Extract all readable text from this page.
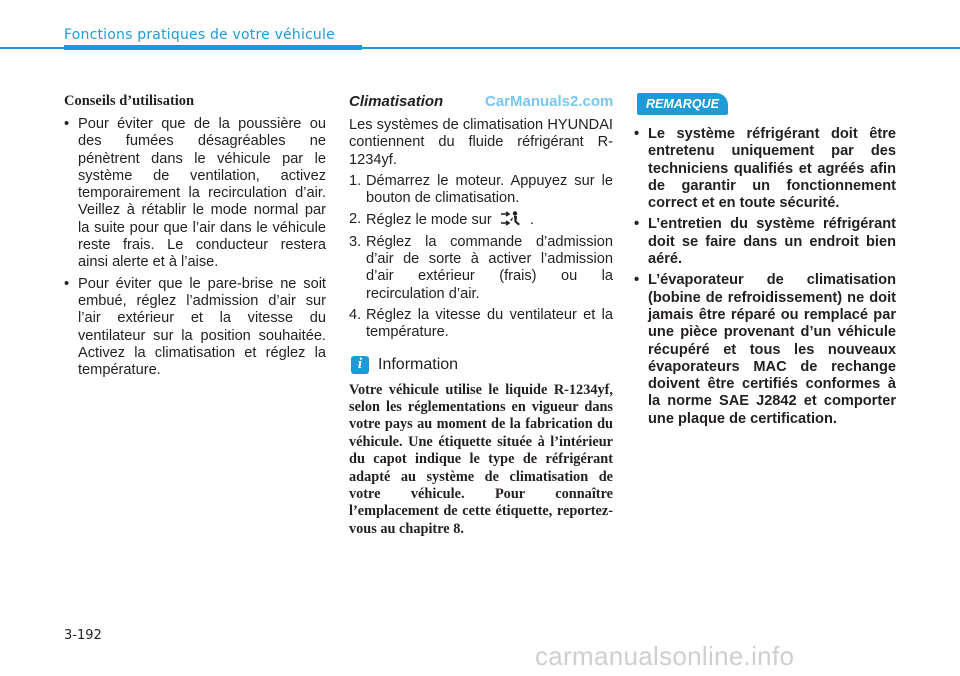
Fonctions pratiques de votre véhicule
Conseils d’utilisation
• Pour éviter que de la poussière ou des fumées désagréables ne pénètrent dans le véhicule par le système de ventilation, activez temporairement la recirculation d’air. Veillez à rétablir le mode normal par la suite pour que l’air dans le véhicule reste frais. Le conducteur restera ainsi alerte et à l’aise.
• Pour éviter que le pare-brise ne soit embué, réglez l’admission d’air sur l’air extérieur et la vitesse du ventilateur sur la position souhaitée. Activez la climatisation et réglez la température.
Climatisation

Les systèmes de climatisation HYUNDAI contiennent du fluide réfrigérant R-1234yf.

1. Démarrez le moteur. Appuyez sur le bouton de climatisation.
2. Réglez le mode sur	.
3. Réglez la commande d’admission d’air de sorte à activer l’admission d’air extérieur (frais) ou la recirculation d’air.
4. Réglez la vitesse du ventilateur et la température.
i Information

Votre véhicule utilise le liquide R-1234yf, selon les réglementations en vigueur dans votre pays au moment de la fabrication du véhicule. Une étiquette située à l’intérieur du capot indique le type de réfrigérant adapté au système de climatisation de votre véhicule. Pour connaître l’emplacement de cette étiquette, reportez-vous au chapitre 8.

CarManuals2.com	REMARQUE
• Le système réfrigérant doit être entretenu uniquement par des techniciens qualifiés et agréés afin de garantir un fonctionnement correct et en toute sécurité.
• L’entretien du système réfrigérant doit se faire dans un endroit bien aéré.
• L’évaporateur de climatisation (bobine de refroidissement) ne doit jamais être réparé ou remplacé par une pièce provenant d’un véhicule récupéré et tous les nouveaux évaporateurs MAC de rechange doivent être certifiés conformes à la norme SAE J2842 et comporter une plaque de certification.
3-192
carmanualsonline.info
